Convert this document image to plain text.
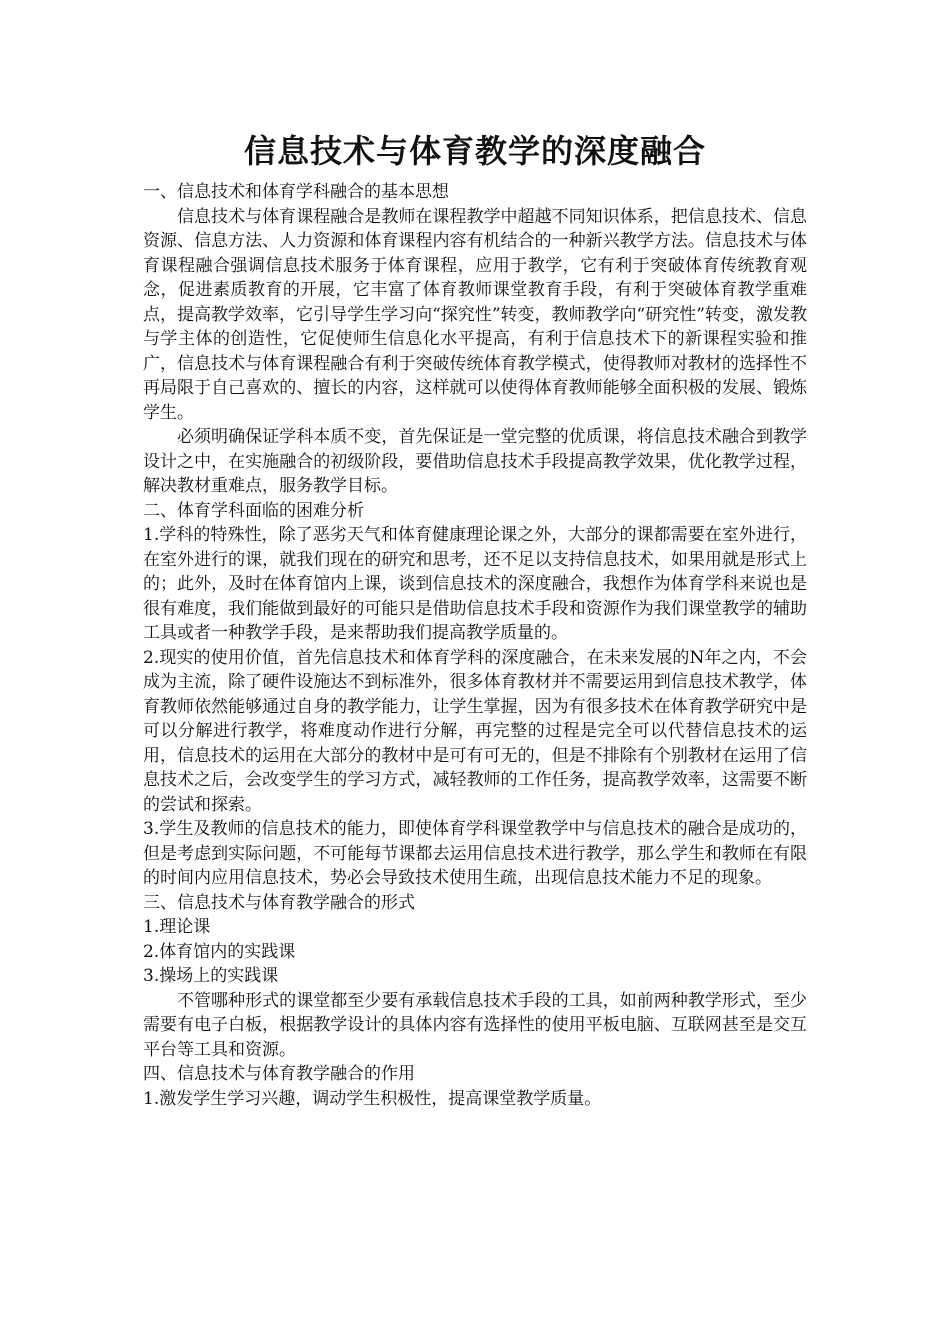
信息技术与体育教学的深度融合

一、信息技术和体育学科融合的基本思想

信息技术与体育课程融合是教师在课程教学中超越不同知识体系，把信息技术、信息资源、信息方法、人力资源和体育课程内容有机结合的一种新兴教学方法。信息技术与体育课程融合强调信息技术服务于体育课程，应用于教学，它有利于突破体育传统教育观念，促进素质教育的开展，它丰富了体育教师课堂教育手段，有利于突破体育教学重难点，提高教学效率，它引导学生学习向“探究性”转变，教师教学向“研究性”转变，激发教与学主体的创造性，它促使师生信息化水平提高，有利于信息技术下的新课程实验和推广，信息技术与体育课程融合有利于突破传统体育教学模式，使得教师对教材的选择性不再局限于自己喜欢的、擅长的内容，这样就可以使得体育教师能够全面积极的发展、锻炼学生。

必须明确保证学科本质不变，首先保证是一堂完整的优质课，将信息技术融合到教学设计之中，在实施融合的初级阶段，要借助信息技术手段提高教学效果，优化教学过程，解决教材重难点，服务教学目标。

二、体育学科面临的困难分析

1.学科的特殊性，除了恶劣天气和体育健康理论课之外，大部分的课都需要在室外进行，在室外进行的课，就我们现在的研究和思考，还不足以支持信息技术，如果用就是形式上的；此外，及时在体育馆内上课，谈到信息技术的深度融合，我想作为体育学科来说也是很有难度，我们能做到最好的可能只是借助信息技术手段和资源作为我们课堂教学的辅助工具或者一种教学手段，是来帮助我们提高教学质量的。

2.现实的使用价值，首先信息技术和体育学科的深度融合，在未来发展的N年之内，不会成为主流，除了硬件设施达不到标准外，很多体育教材并不需要运用到信息技术教学，体育教师依然能够通过自身的教学能力，让学生掌握，因为有很多技术在体育教学研究中是可以分解进行教学，将难度动作进行分解，再完整的过程是完全可以代替信息技术的运用，信息技术的运用在大部分的教材中是可有可无的，但是不排除有个别教材在运用了信息技术之后，会改变学生的学习方式，减轻教师的工作任务，提高教学效率，这需要不断的尝试和探索。

3.学生及教师的信息技术的能力，即使体育学科课堂教学中与信息技术的融合是成功的，但是考虑到实际问题，不可能每节课都去运用信息技术进行教学，那么学生和教师在有限的时间内应用信息技术，势必会导致技术使用生疏，出现信息技术能力不足的现象。

三、信息技术与体育教学融合的形式

1.理论课

2.体育馆内的实践课

3.操场上的实践课

不管哪种形式的课堂都至少要有承载信息技术手段的工具，如前两种教学形式，至少需要有电子白板，根据教学设计的具体内容有选择性的使用平板电脑、互联网甚至是交互平台等工具和资源。

四、信息技术与体育教学融合的作用

1.激发学生学习兴趣，调动学生积极性，提高课堂教学质量。
